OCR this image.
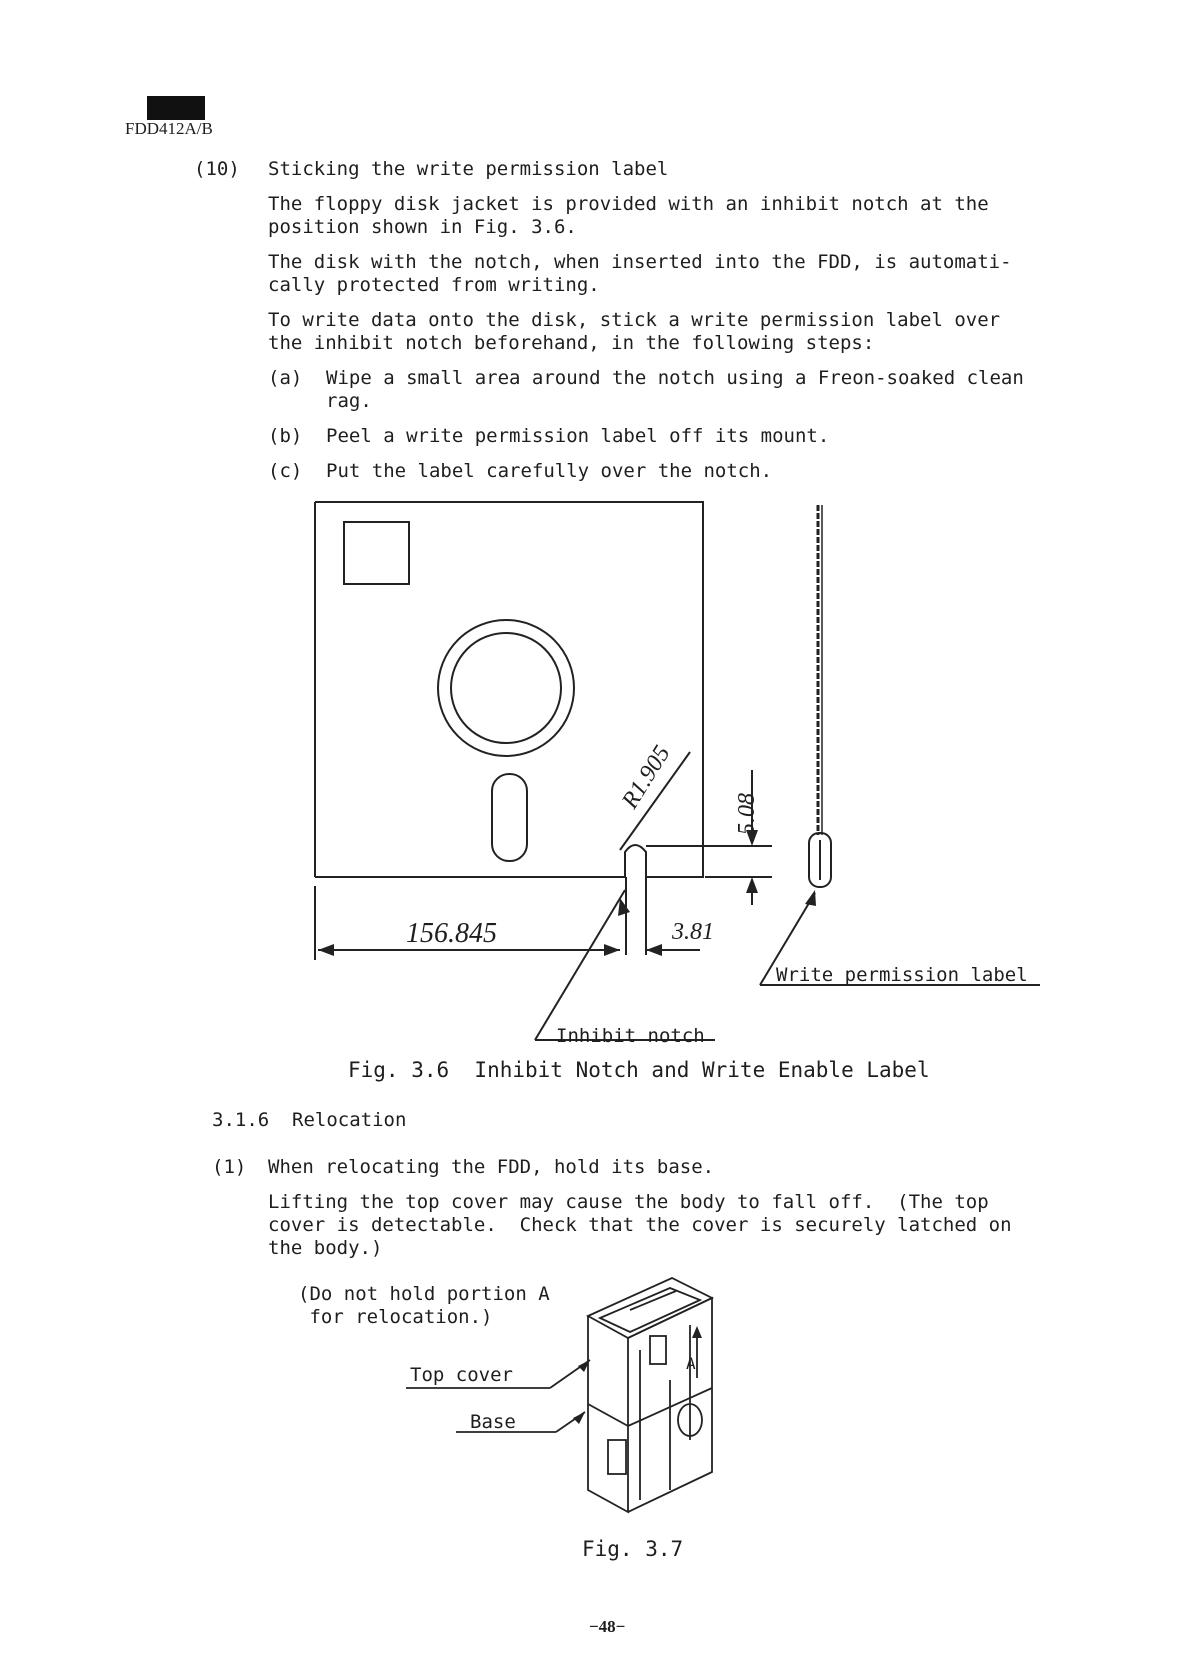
FDD412A/B
(10) Sticking the write permission label
The floppy disk jacket is provided with an inhibit notch at the
position shown in Fig. 3.6.
The disk with the notch, when inserted into the FDD, is automati-
cally protected from writing.
To write data onto the disk, stick a write permission label over
the inhibit notch beforehand, in the following steps:
(a) Wipe a small area around the notch using a Freon-soaked clean
rag.
(b) Peel a write permission label off its mount.
(c) Put the label carefully over the notch.
156.845	3.81
R1.905
5.08
Write permission label
Inhibit notch
Fig. 3.6  Inhibit Notch and Write Enable Label
3.1.6 Relocation
(1) When relocating the FDD, hold its base.
Lifting the top cover may cause the body to fall off.  (The top
cover is detectable.  Check that the cover is securely latched on
the body.)
(Do not hold portion A
for relocation.)
Top cover
Base
A
Fig. 3.7
−48−
